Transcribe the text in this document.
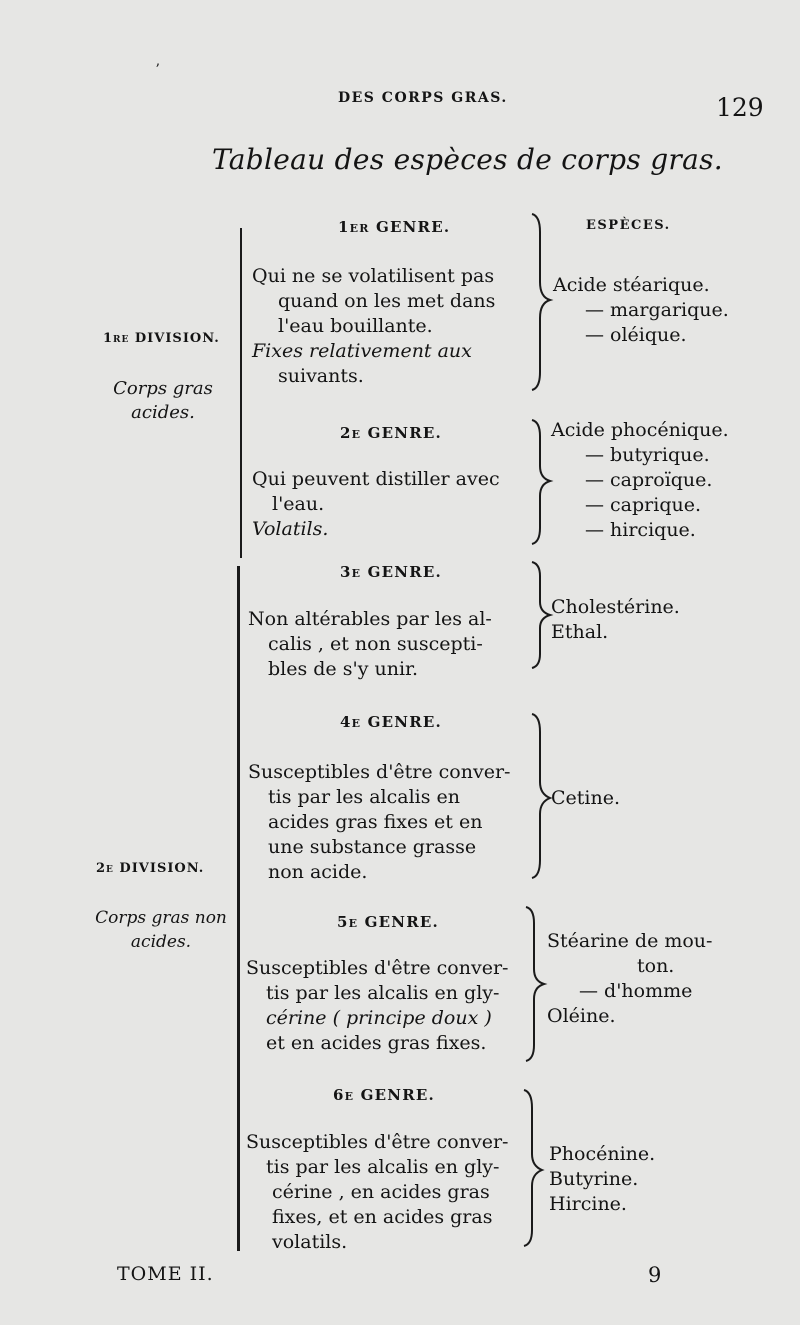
ʼ
DES CORPS GRAS.	129
Tableau des espèces de corps gras.
ESPÈCES.
1re DIVISION.
Corps gras
acides.
2e DIVISION.
Corps gras non
acides.
1er GENRE.
Qui ne se volatilisent pas
quand on les met dans
l'eau bouillante.
Fixes relativement aux
suivants.
Acide stéarique.
— margarique.
— oléique.
2e GENRE.
Qui peuvent distiller avec
l'eau.
Volatils.
Acide phocénique.
— butyrique.
— caproïque.
— caprique.
— hircique.
3e GENRE.
Non altérables par les al-
calis , et non suscepti-
bles de s'y unir.
Cholestérine.
Ethal.
4e GENRE.
Susceptibles d'être conver-
tis par les alcalis en
acides gras fixes et en
une substance grasse
non acide.
Cetine.
5e GENRE.
Susceptibles d'être conver-
tis par les alcalis en gly-
cérine ( principe doux )
et en acides gras fixes.
Stéarine de mou-
ton.
— d'homme
Oléine.
6e GENRE.
Susceptibles d'être conver-
tis par les alcalis en gly-
cérine , en acides gras
fixes, et en acides gras
volatils.
Phocénine.
Butyrine.
Hircine.
TOME II.	9
